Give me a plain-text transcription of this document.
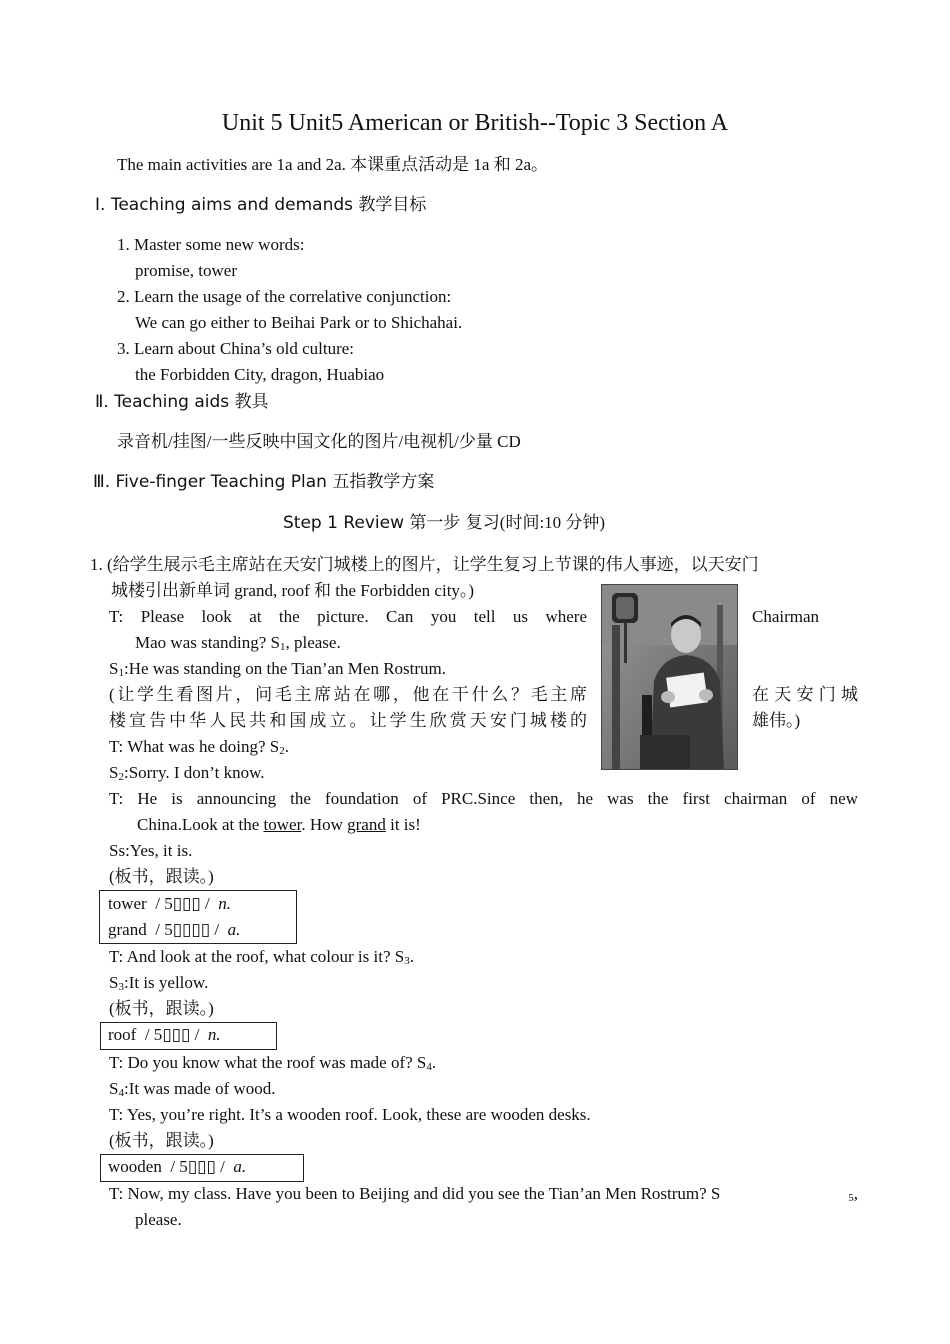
Unit 5 Unit5 American or British--Topic 3 Section A
The main activities are 1a and 2a. 本课重点活动是 1a 和 2a。
Ⅰ. Teaching aims and demands 教学目标
1. Master some new words:
promise, tower
2. Learn the usage of the correlative conjunction:
We can go either to Beihai Park or to Shichahai.
3. Learn about China’s old culture:
the Forbidden City, dragon, Huabiao
Ⅱ. Teaching aids 教具
录音机/挂图/一些反映中国文化的图片/电视机/少量 CD
Ⅲ. Five-finger Teaching Plan 五指教学方案
Step 1 Review 第一步 复习(时间:10 分钟)
1. (给学生展示毛主席站在天安门城楼上的图片，让学生复习上节课的伟人事迹，以天安门
城楼引出新单词 grand, roof 和 the Forbidden city。)
T: Please look at the picture. Can you tell us where	Chairman
Mao was standing? $S_1$, please.
$S_1:He$ was standing on the Tian’an Men Rostrum.
(让学生看图片，问毛主席站在哪，他在干什么？毛主席	在天安门城
楼宣告中华人民共和国成立。让学生欣赏天安门城楼的	雄伟。)
T: What was he doing? $S_2$.
$S_2:Sorry$. I don’t know.
T: He is announcing the foundation of PRC.Since then, he was the first chairman of new
China.Look at the tower. How grand it is!
Ss:Yes, it is.
(板书，跟读。)
tower / 5▯▯▯ /  n.
grand / 5▯▯▯▯ /  a.
T: And look at the roof, what colour is it? $S_3$.
$S_3:It$ is yellow.
(板书，跟读。)
roof / 5▯▯▯ /  n.
T: Do you know what the roof was made of? $S_4$.
$S_4:It$ was made of wood.
T: Yes, you’re right. It’s a wooden roof. Look, these are wooden desks.
(板书，跟读。)
wooden / 5▯▯▯ /  a.
T: Now, my class. Have you been to Beijing and did you see the Tian’an Men Rostrum? S	$_5$,
please.
